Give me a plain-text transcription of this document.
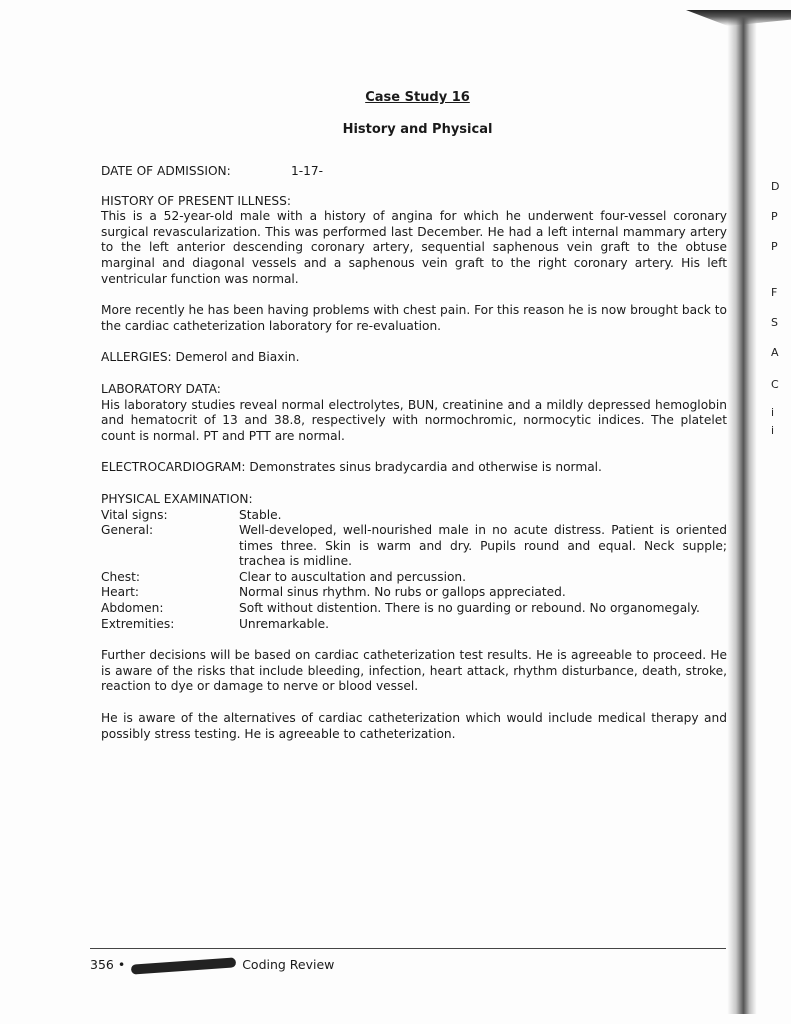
Case Study 16
History and Physical
DATE OF ADMISSION:	1-17-

HISTORY OF PRESENT ILLNESS:
This is a 52-year-old male with a history of angina for which he underwent four-vessel coronary surgical revascularization. This was performed last December. He had a left internal mammary artery to the left anterior descending coronary artery, sequential saphenous vein graft to the obtuse marginal and diagonal vessels and a saphenous vein graft to the right coronary artery. His left ventricular function was normal.

More recently he has been having problems with chest pain. For this reason he is now brought back to the cardiac catheterization laboratory for re-evaluation.

ALLERGIES: Demerol and Biaxin.

LABORATORY DATA:
His laboratory studies reveal normal electrolytes, BUN, creatinine and a mildly depressed hemoglobin and hematocrit of 13 and 38.8, respectively with normochromic, normocytic indices. The platelet count is normal. PT and PTT are normal.

ELECTROCARDIOGRAM: Demonstrates sinus bradycardia and otherwise is normal.

PHYSICAL EXAMINATION:
Vital signs:	Stable.
General:	Well-developed, well-nourished male in no acute distress. Patient is oriented times three. Skin is warm and dry. Pupils round and equal. Neck supple; trachea is midline.
Chest:	Clear to auscultation and percussion.
Heart:	Normal sinus rhythm. No rubs or gallops appreciated.
Abdomen:	Soft without distention. There is no guarding or rebound. No organomegaly.
Extremities:	Unremarkable.

Further decisions will be based on cardiac catheterization test results. He is agreeable to proceed. He is aware of the risks that include bleeding, infection, heart attack, rhythm disturbance, death, stroke, reaction to dye or damage to nerve or blood vessel.

He is aware of the alternatives of cardiac catheterization which would include medical therapy and possibly stress testing. He is agreeable to catheterization.

356 •	Coding Review
D
P
P
F
S
A
C
i
i
